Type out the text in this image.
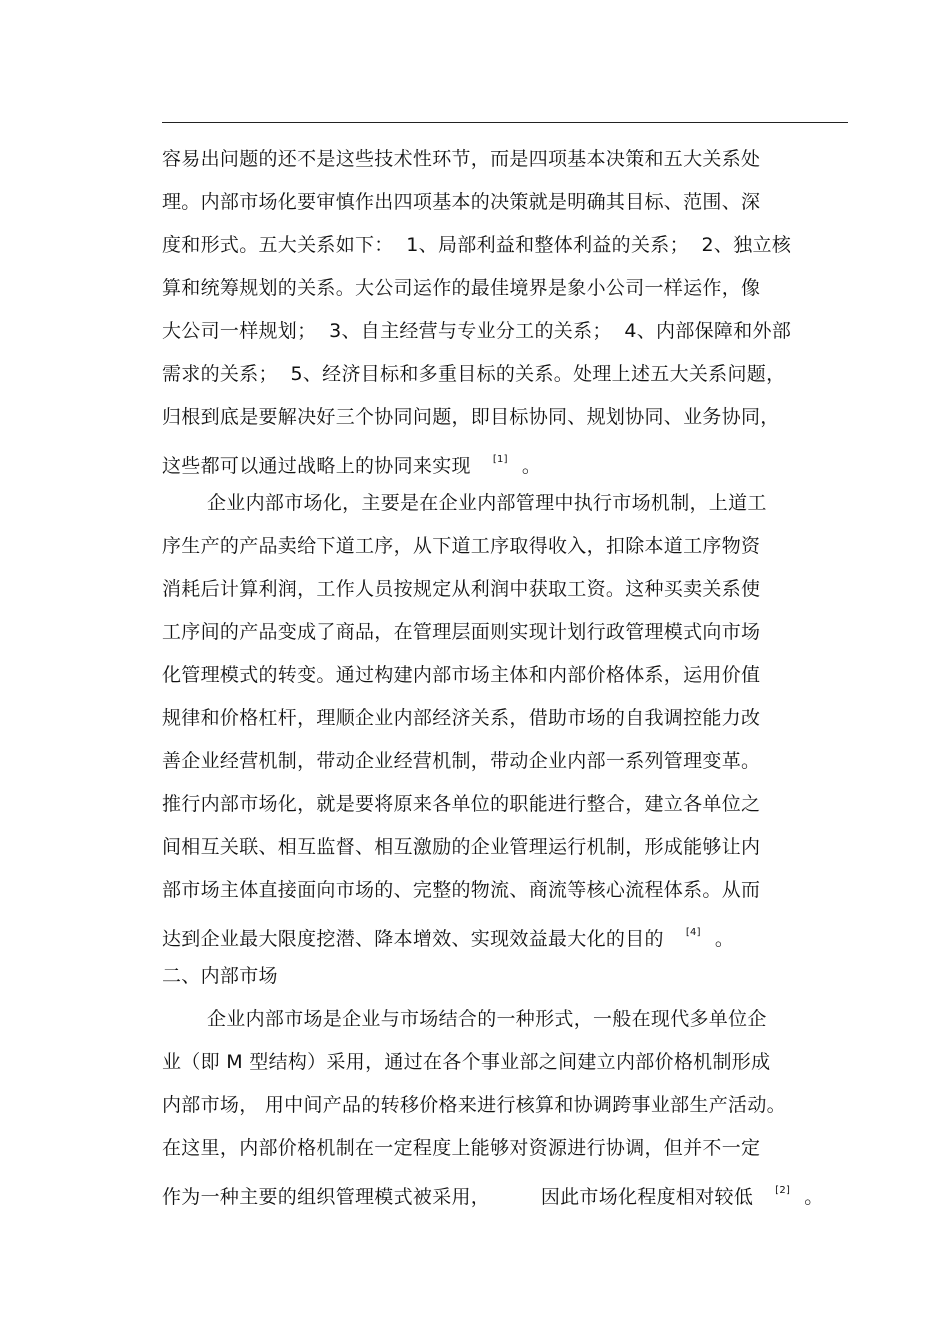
容易出问题的还不是这些技术性环节，而是四项基本决策和五大关系处
理。内部市场化要审慎作出四项基本的决策就是明确其目标、范围、深
度和形式。五大关系如下：  1、局部利益和整体利益的关系；  2、独立核
算和统筹规划的关系。大公司运作的最佳境界是象小公司一样运作，像
大公司一样规划；  3、自主经营与专业分工的关系；  4、内部保障和外部
需求的关系；  5、经济目标和多重目标的关系。处理上述五大关系问题，
归根到底是要解决好三个协同问题，即目标协同、规划协同、业务协同，
这些都可以通过战略上的协同来实现 [1] 。
企业内部市场化，主要是在企业内部管理中执行市场机制，上道工
序生产的产品卖给下道工序，从下道工序取得收入，扣除本道工序物资
消耗后计算利润，工作人员按规定从利润中获取工资。这种买卖关系使
工序间的产品变成了商品，在管理层面则实现计划行政管理模式向市场
化管理模式的转变。通过构建内部市场主体和内部价格体系，运用价值
规律和价格杠杆，理顺企业内部经济关系，借助市场的自我调控能力改
善企业经营机制，带动企业经营机制，带动企业内部一系列管理变革。
推行内部市场化，就是要将原来各单位的职能进行整合，建立各单位之
间相互关联、相互监督、相互激励的企业管理运行机制，形成能够让内
部市场主体直接面向市场的、完整的物流、商流等核心流程体系。从而
达到企业最大限度挖潜、降本增效、实现效益最大化的目的 [4] 。
二、内部市场
企业内部市场是企业与市场结合的一种形式，一般在现代多单位企
业（即 M 型结构）采用，通过在各个事业部之间建立内部价格机制形成
内部市场， 用中间产品的转移价格来进行核算和协调跨事业部生产活动。
在这里，内部价格机制在一定程度上能够对资源进行协调，但并不一定
作为一种主要的组织管理模式被采用，        因此市场化程度相对较低 [2] 。
